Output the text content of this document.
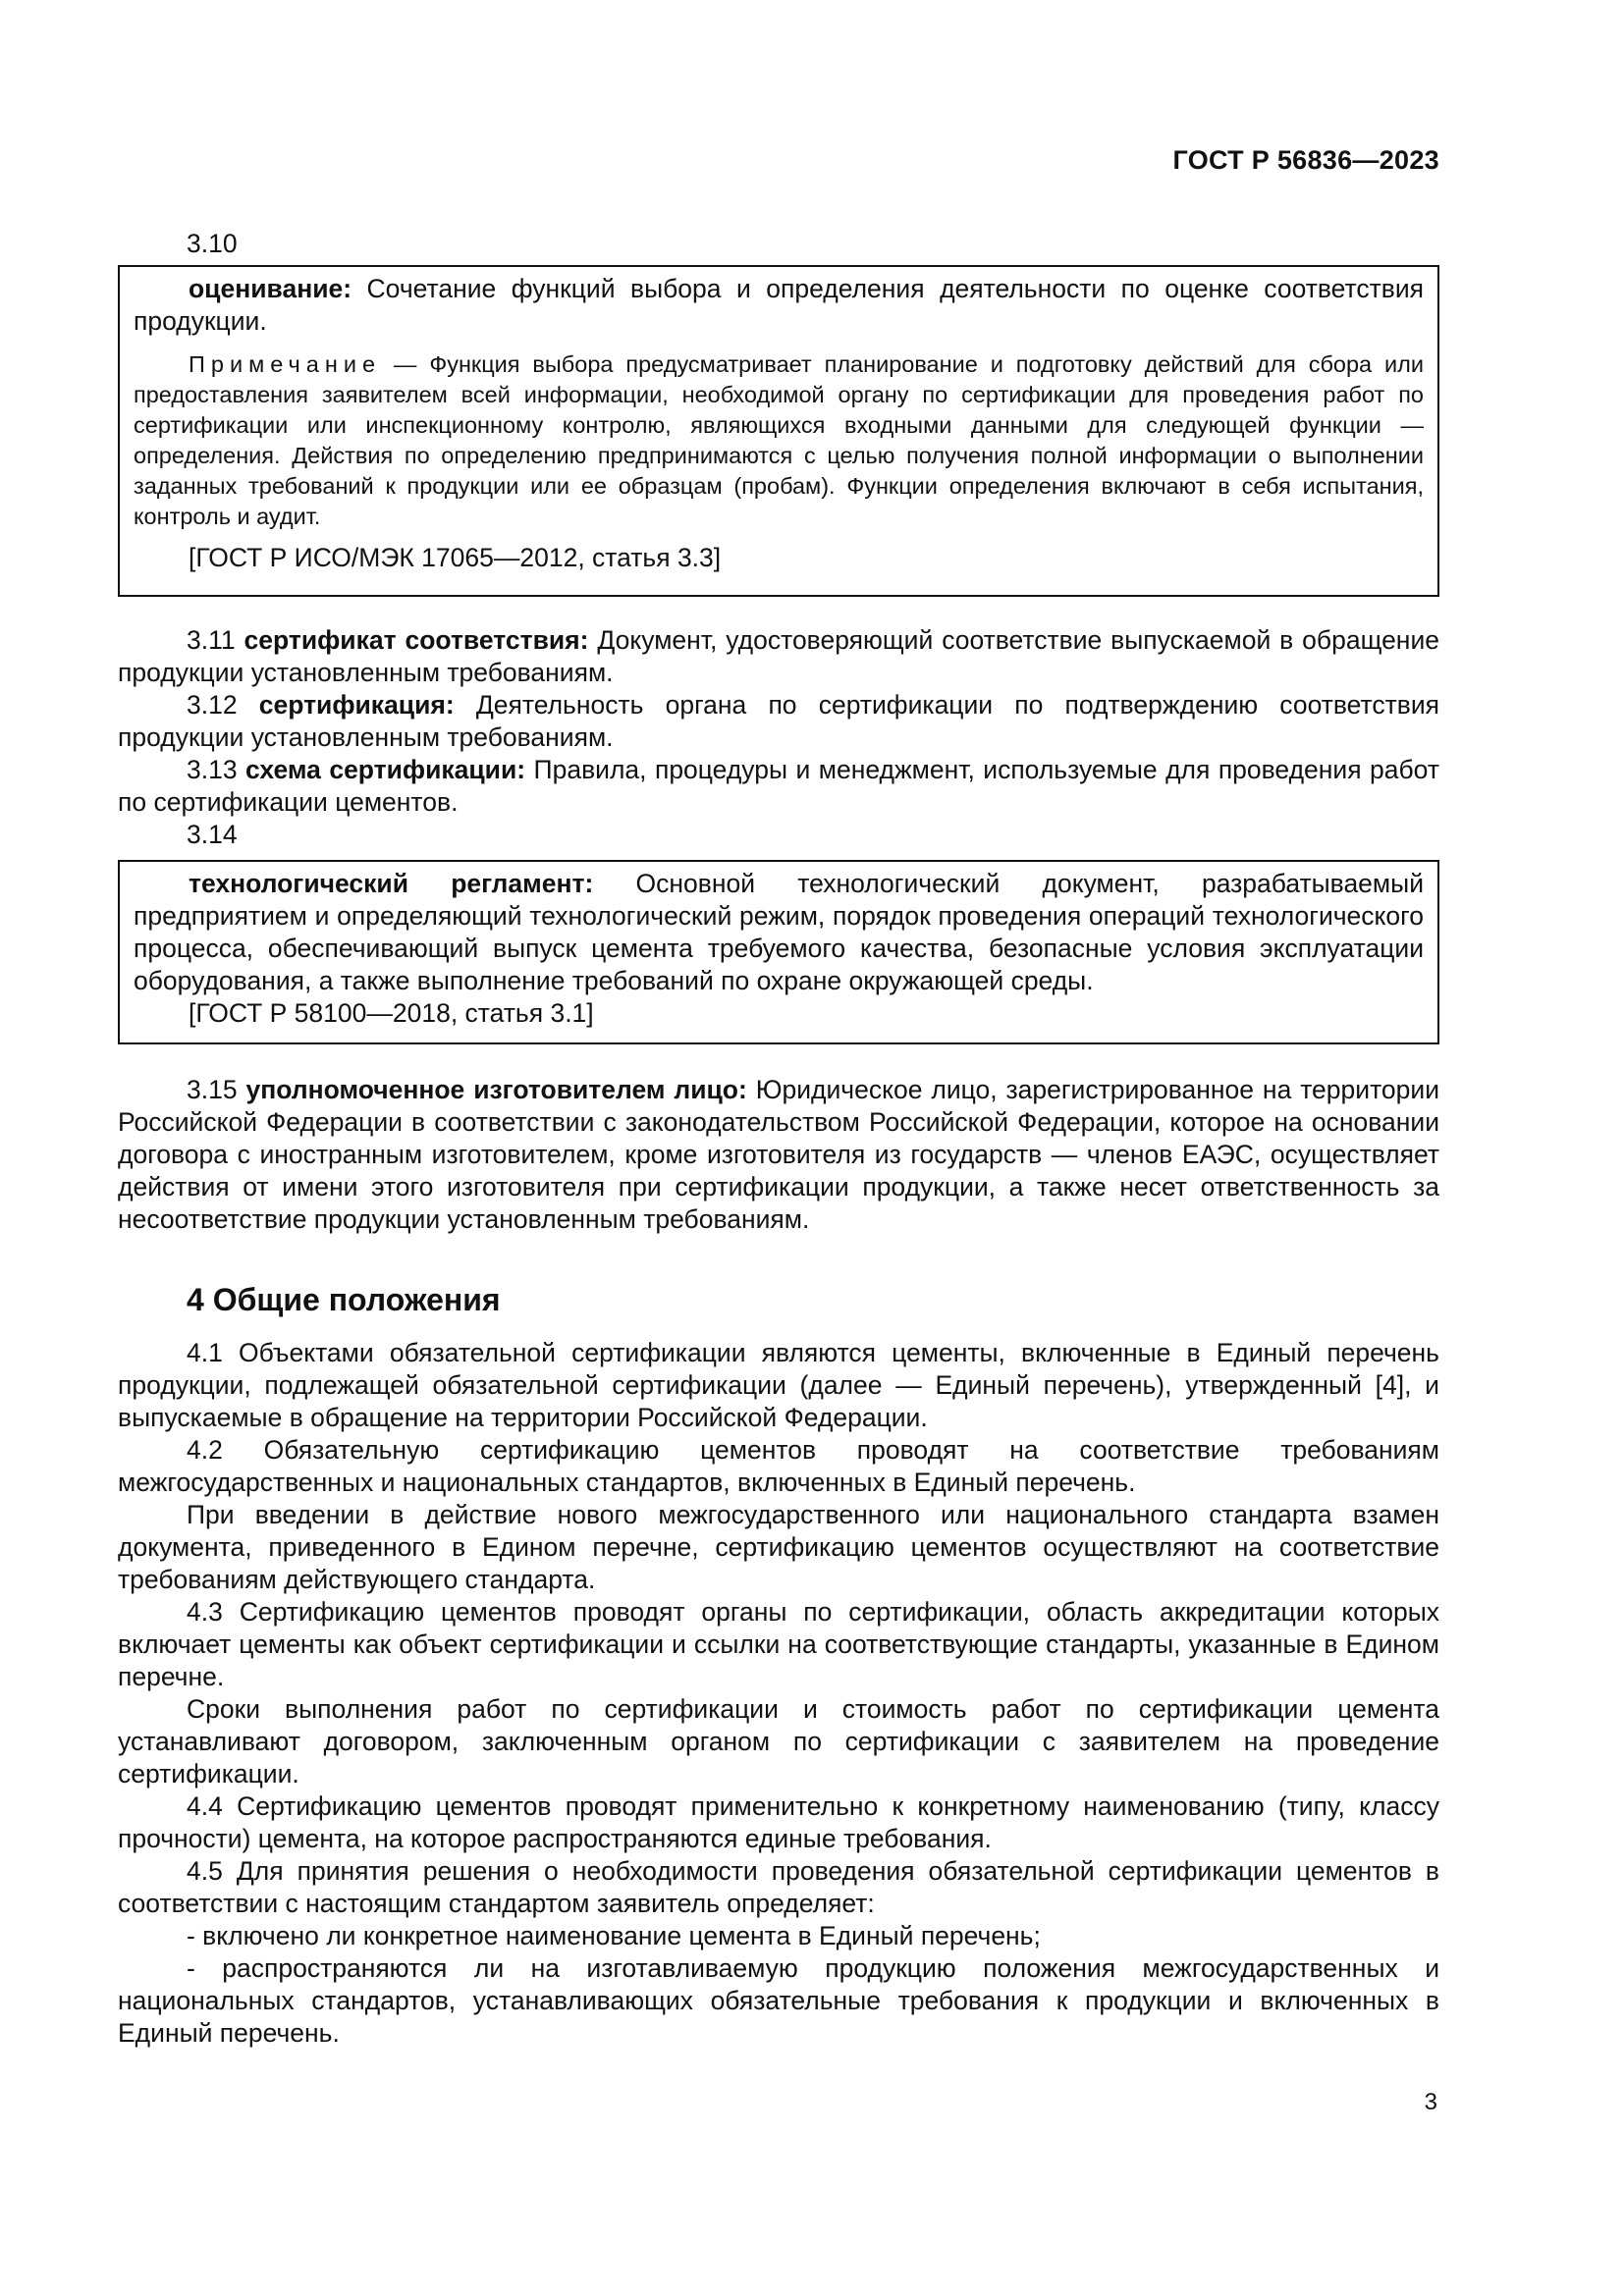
ГОСТ Р 56836—2023

3.10

оценивание: Сочетание функций выбора и определения деятельности по оценке соответствия продукции.

Примечание — Функция выбора предусматривает планирование и подготовку действий для сбора или предоставления заявителем всей информации, необходимой органу по сертификации для проведения работ по сертификации или инспекционному контролю, являющихся входными данными для следующей функции — определения. Действия по определению предпринимаются с целью получения полной информации о выполнении заданных требований к продукции или ее образцам (пробам). Функции определения включают в себя испытания, контроль и аудит.

[ГОСТ Р ИСО/МЭК 17065—2012, статья 3.3]

3.11 сертификат соответствия: Документ, удостоверяющий соответствие выпускаемой в обращение продукции установленным требованиям.

3.12 сертификация: Деятельность органа по сертификации по подтверждению соответствия продукции установленным требованиям.

3.13 схема сертификации: Правила, процедуры и менеджмент, используемые для проведения работ по сертификации цементов.

3.14

технологический регламент: Основной технологический документ, разрабатываемый предприятием и определяющий технологический режим, порядок проведения операций технологического процесса, обеспечивающий выпуск цемента требуемого качества, безопасные условия эксплуатации оборудования, а также выполнение требований по охране окружающей среды.

[ГОСТ Р 58100—2018, статья 3.1]

3.15 уполномоченное изготовителем лицо: Юридическое лицо, зарегистрированное на территории Российской Федерации в соответствии с законодательством Российской Федерации, которое на основании договора с иностранным изготовителем, кроме изготовителя из государств — членов ЕАЭС, осуществляет действия от имени этого изготовителя при сертификации продукции, а также несет ответственность за несоответствие продукции установленным требованиям.

4 Общие положения

4.1 Объектами обязательной сертификации являются цементы, включенные в Единый перечень продукции, подлежащей обязательной сертификации (далее — Единый перечень), утвержденный [4], и выпускаемые в обращение на территории Российской Федерации.

4.2 Обязательную сертификацию цементов проводят на соответствие требованиям межгосударственных и национальных стандартов, включенных в Единый перечень.

При введении в действие нового межгосударственного или национального стандарта взамен документа, приведенного в Едином перечне, сертификацию цементов осуществляют на соответствие требованиям действующего стандарта.

4.3 Сертификацию цементов проводят органы по сертификации, область аккредитации которых включает цементы как объект сертификации и ссылки на соответствующие стандарты, указанные в Едином перечне.

Сроки выполнения работ по сертификации и стоимость работ по сертификации цемента устанавливают договором, заключенным органом по сертификации с заявителем на проведение сертификации.

4.4 Сертификацию цементов проводят применительно к конкретному наименованию (типу, классу прочности) цемента, на которое распространяются единые требования.

4.5 Для принятия решения о необходимости проведения обязательной сертификации цементов в соответствии с настоящим стандартом заявитель определяет:

- включено ли конкретное наименование цемента в Единый перечень;

- распространяются ли на изготавливаемую продукцию положения межгосударственных и национальных стандартов, устанавливающих обязательные требования к продукции и включенных в Единый перечень.

3
